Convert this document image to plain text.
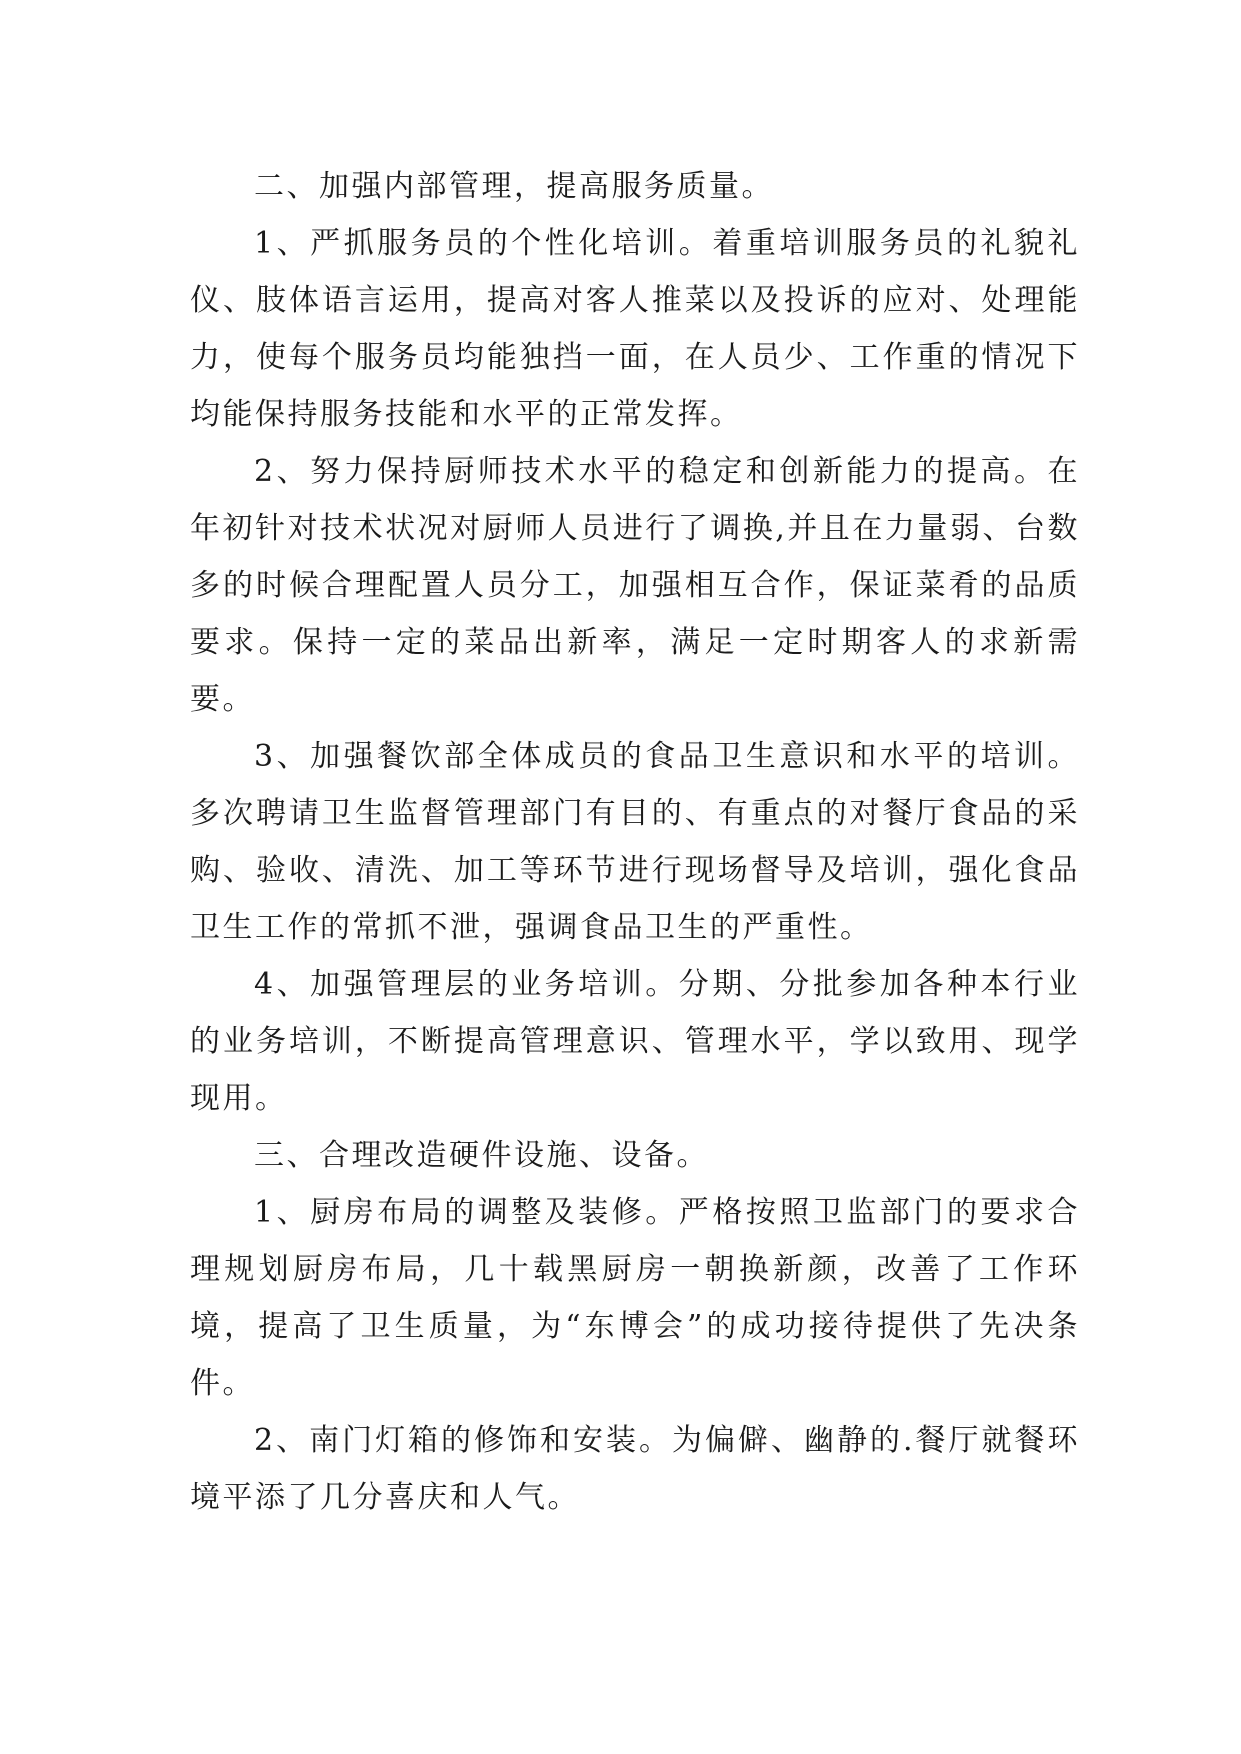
二、加强内部管理，提高服务质量。

1、严抓服务员的个性化培训。着重培训服务员的礼貌礼仪、肢体语言运用，提高对客人推菜以及投诉的应对、处理能力，使每个服务员均能独挡一面，在人员少、工作重的情况下均能保持服务技能和水平的正常发挥。

2、努力保持厨师技术水平的稳定和创新能力的提高。在年初针对技术状况对厨师人员进行了调换,并且在力量弱、台数多的时候合理配置人员分工，加强相互合作，保证菜肴的品质要求。保持一定的菜品出新率，满足一定时期客人的求新需要。

3、加强餐饮部全体成员的食品卫生意识和水平的培训。多次聘请卫生监督管理部门有目的、有重点的对餐厅食品的采购、验收、清洗、加工等环节进行现场督导及培训，强化食品卫生工作的常抓不泄，强调食品卫生的严重性。

4、加强管理层的业务培训。分期、分批参加各种本行业的业务培训，不断提高管理意识、管理水平，学以致用、现学现用。

三、合理改造硬件设施、设备。

1、厨房布局的调整及装修。严格按照卫监部门的要求合理规划厨房布局，几十载黑厨房一朝换新颜，改善了工作环境，提高了卫生质量，为“东博会”的成功接待提供了先决条件。

2、南门灯箱的修饰和安装。为偏僻、幽静的.餐厅就餐环境平添了几分喜庆和人气。
